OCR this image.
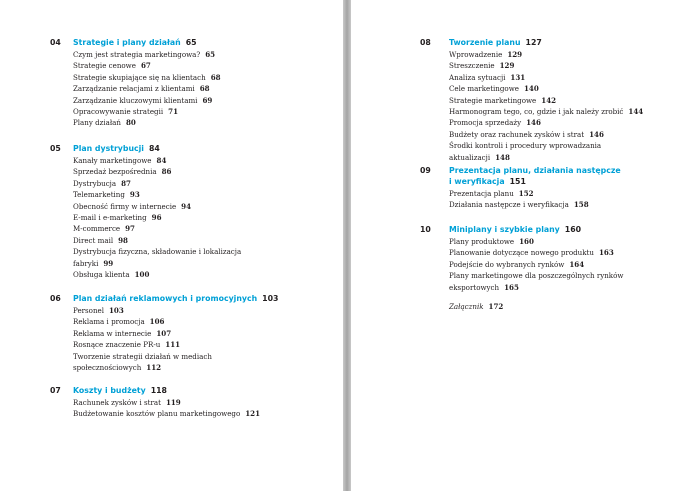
04 Strategie i plany działań 65
Czym jest strategia marketingowa? 65
Strategie cenowe 67
Strategie skupiające się na klientach 68
Zarządzanie relacjami z klientami 68
Zarządzanie kluczowymi klientami 69
Opracowywanie strategii 71
Plany działań 80
05 Plan dystrybucji 84
Kanały marketingowe 84
Sprzedaż bezpośrednia 86
Dystrybucja 87
Telemarketing 93
Obecność firmy w internecie 94
E-mail i e-marketing 96
M-commerce 97
Direct mail 98
Dystrybucja fizyczna, składowanie i lokalizacja
fabryki 99
Obsługa klienta 100
06 Plan działań reklamowych i promocyjnych 103
Personel 103
Reklama i promocja 106
Reklama w internecie 107
Rosnące znaczenie PR-u 111
Tworzenie strategii działań w mediach
społecznościowych 112
07 Koszty i budżety 118
Rachunek zysków i strat 119
Budżetowanie kosztów planu marketingowego 121
08 Tworzenie planu 127
Wprowadzenie 129
Streszczenie 129
Analiza sytuacji 131
Cele marketingowe 140
Strategie marketingowe 142
Harmonogram tego, co, gdzie i jak należy zrobić 144
Promocja sprzedaży 146
Budżety oraz rachunek zysków i strat 146
Środki kontroli i procedury wprowadzania
aktualizacji 148
09 Prezentacja planu, działania następcze
i weryfikacja 151
Prezentacja planu 152
Działania następcze i weryfikacja 158
10 Miniplany i szybkie plany 160
Plany produktowe 160
Planowanie dotyczące nowego produktu 163
Podejście do wybranych rynków 164
Plany marketingowe dla poszczególnych rynków
eksportowych 165
Załącznik 172
